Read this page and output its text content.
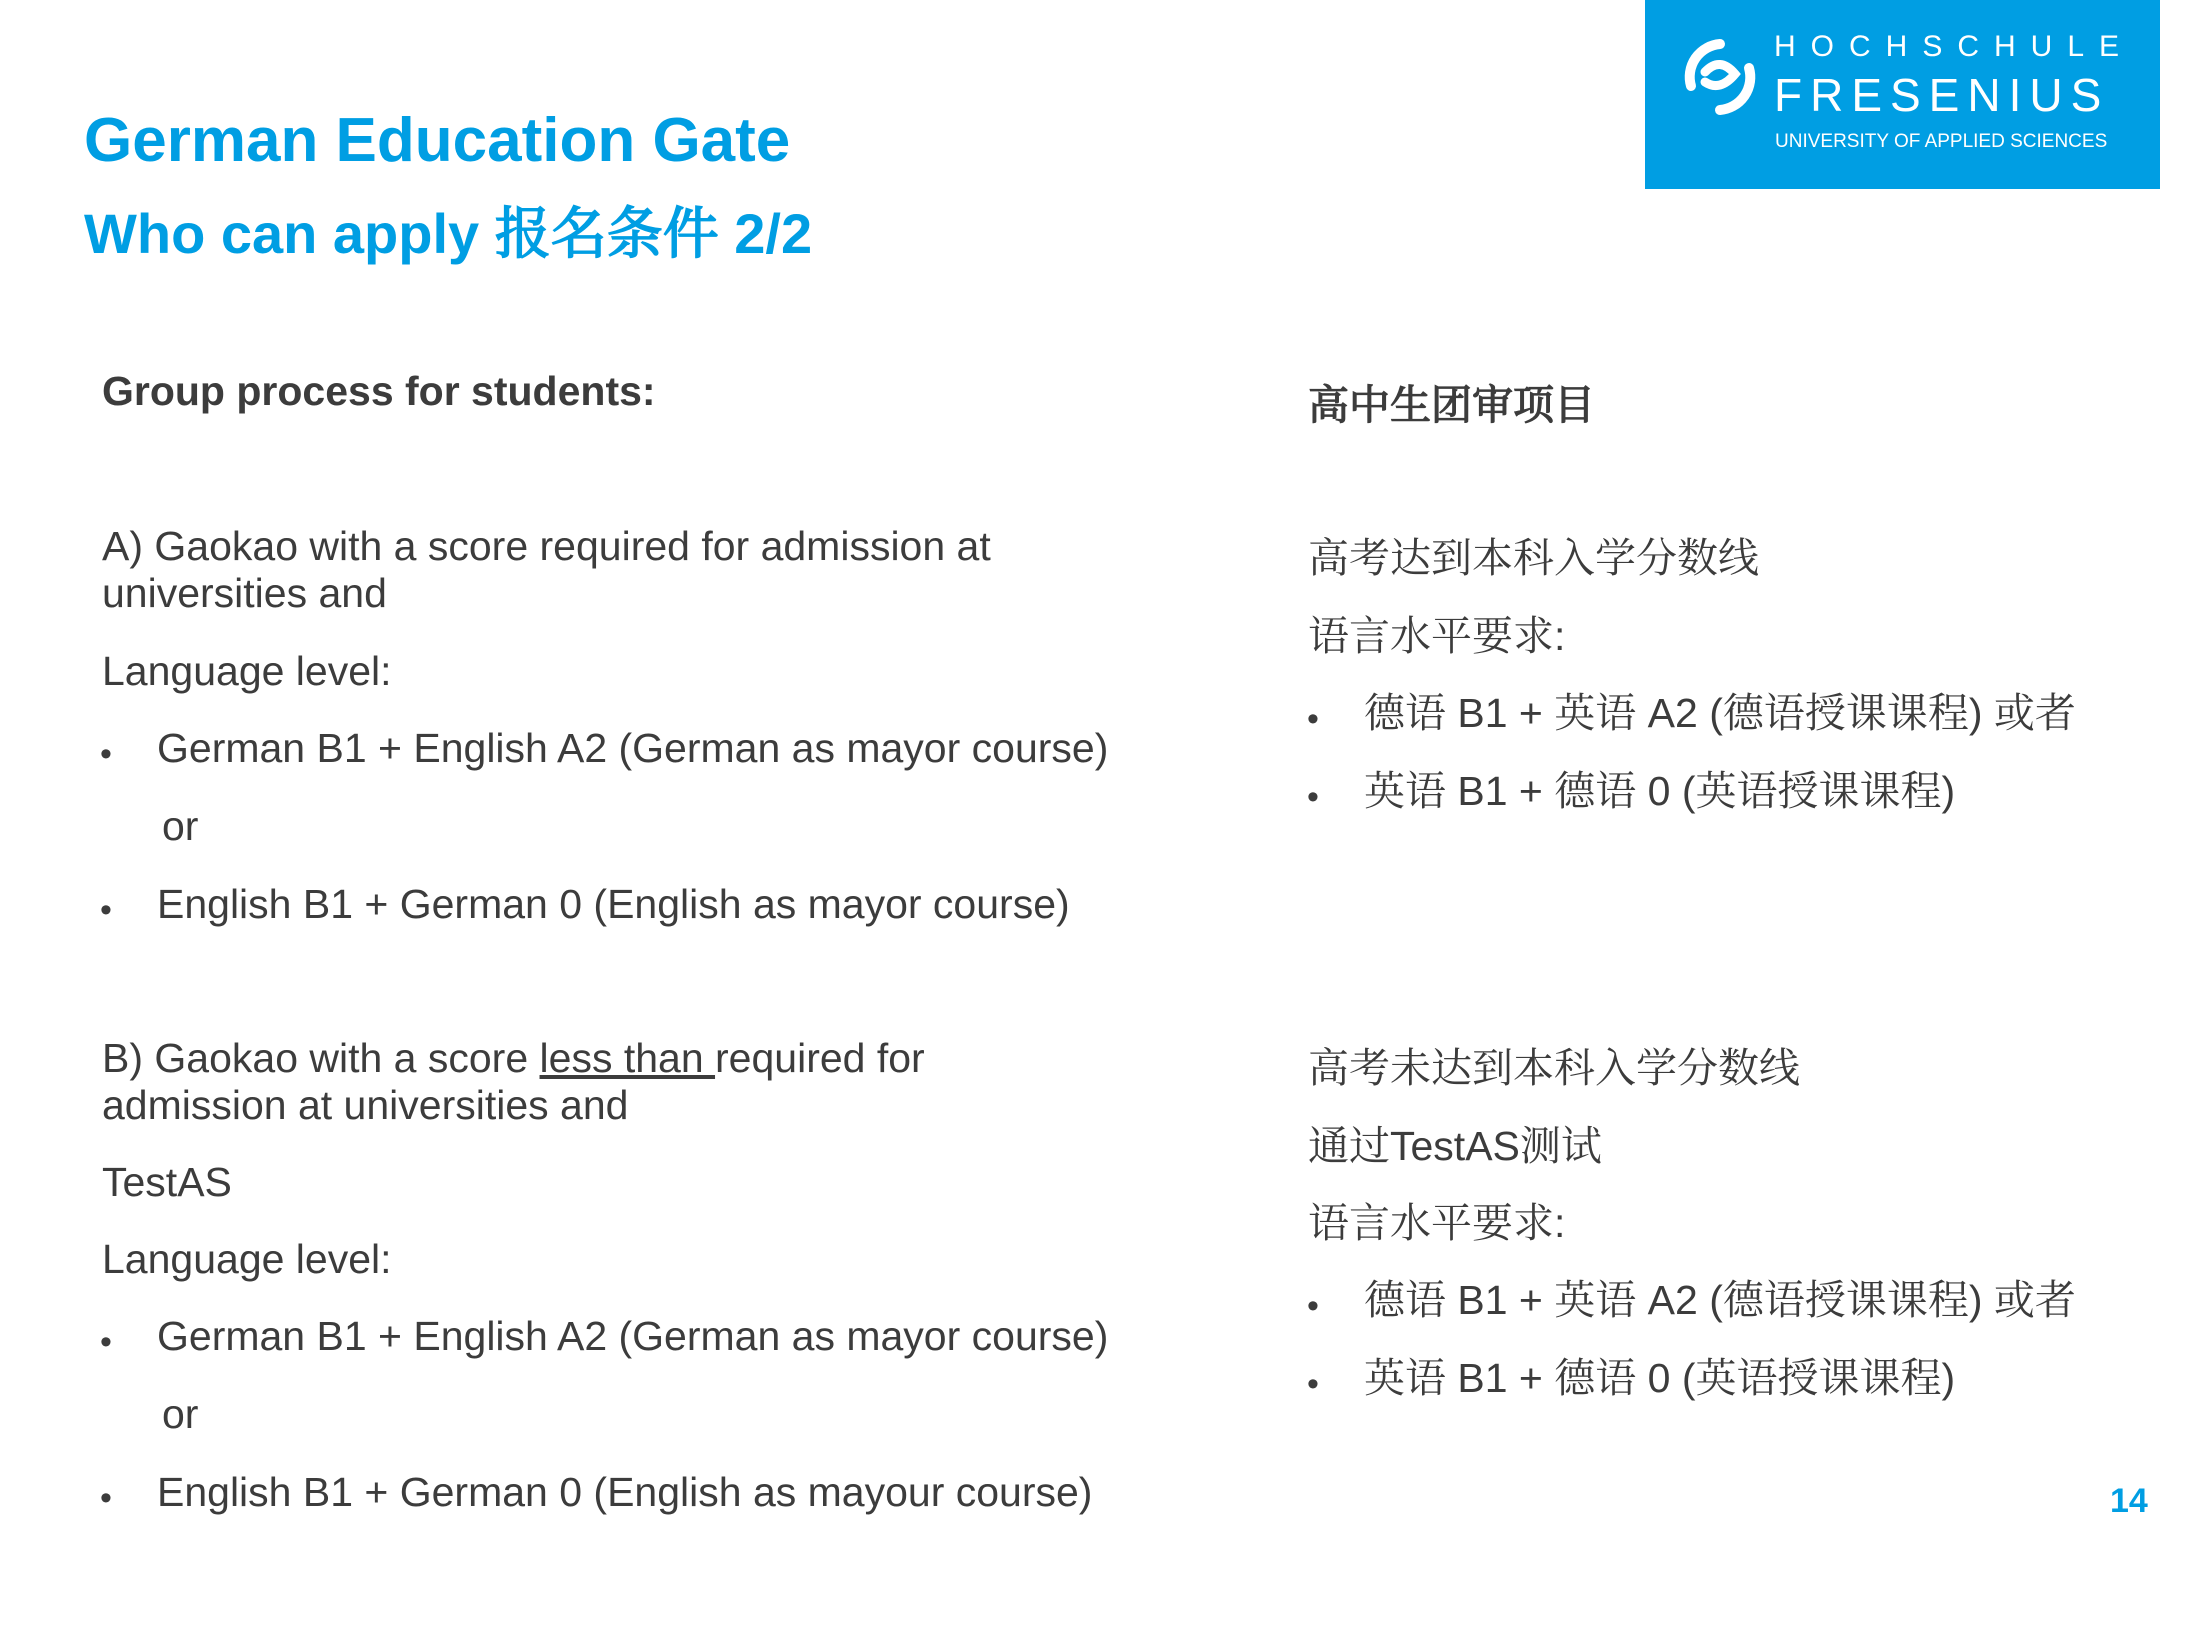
German Education Gate
Who can apply 报名条件 2/2
HOCHSCHULE
FRESENIUS
UNIVERSITY OF APPLIED SCIENCES
Group process for students:
A) Gaokao with a score required for admission at
universities and
Language level:
• German B1 + English A2 (German as mayor course)
or
• English B1 + German 0 (English as mayor course)
B) Gaokao with a score less than required for
admission at universities and
TestAS
Language level:
• German B1 + English A2 (German as mayor course)
or
• English B1 + German 0 (English as mayour course)
高中生团审项目
高考达到本科入学分数线
语言水平要求:
• 德语 B1 + 英语 A2 (德语授课课程) 或者
• 英语 B1 + 德语 0 (英语授课课程)
高考未达到本科入学分数线
通过TestAS测试
语言水平要求:
• 德语 B1 + 英语 A2 (德语授课课程) 或者
• 英语 B1 + 德语 0 (英语授课课程)
14
